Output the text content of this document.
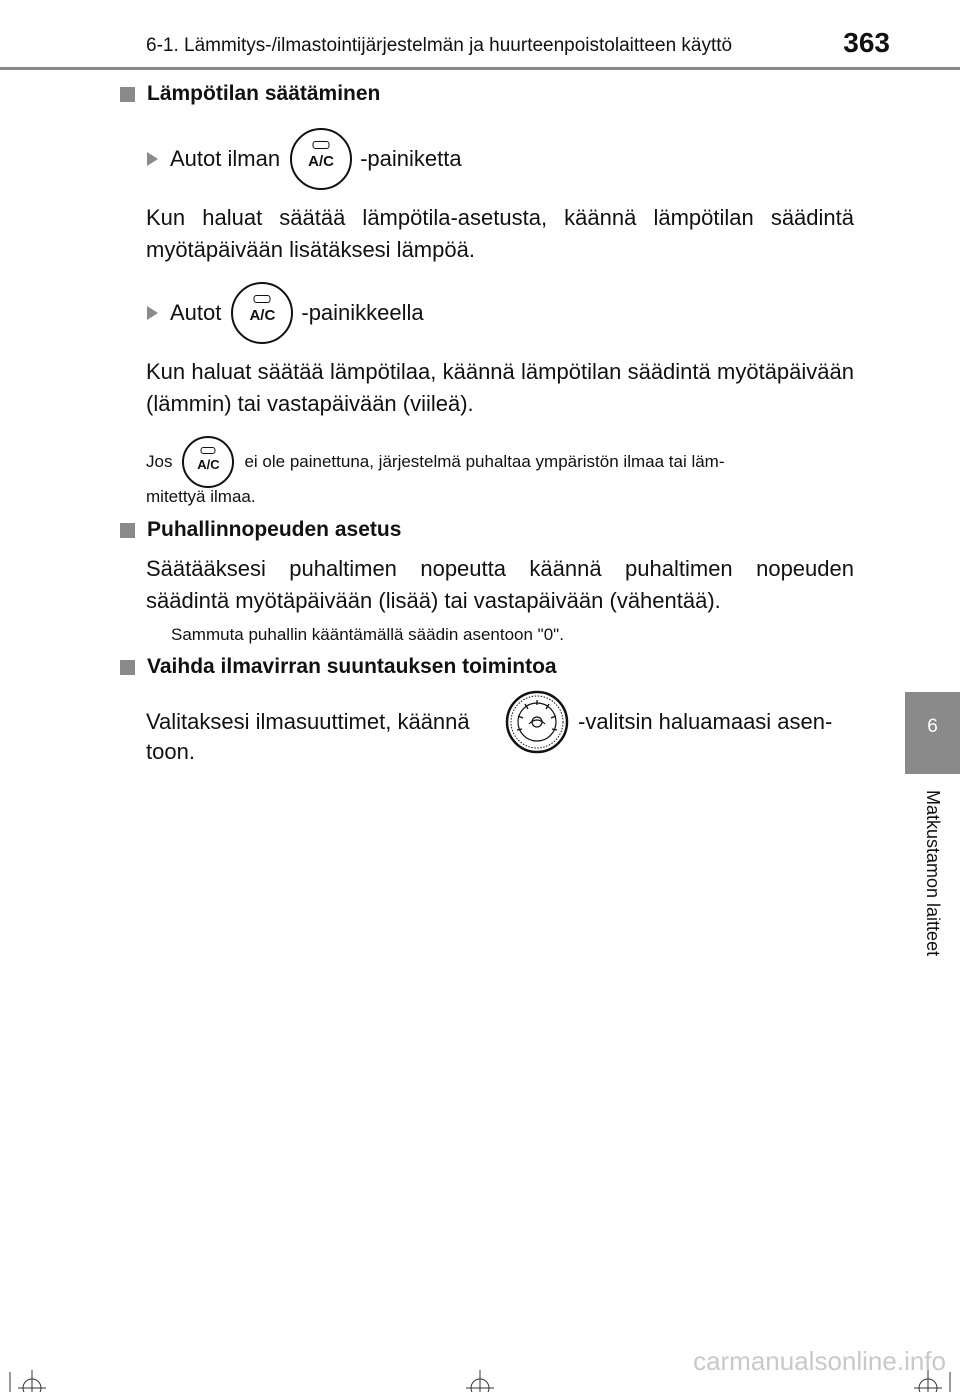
6-1. Lämmitys-/ilmastointijärjestelmän ja huurteenpoistolaitteen käyttö	363
6
Matkustamon laitteet
Lämpötilan säätäminen
Autot ilman	A/C	-painiketta
Kun haluat säätää lämpötila-asetusta, käännä lämpötilan säädintä myötäpäivään lisätäksesi lämpöä.
Autot	A/C	-painikkeella
Kun haluat säätää lämpötilaa, käännä lämpötilan säädintä myötäpäivään (lämmin) tai vastapäivään (viileä).
Jos	A/C	ei ole painettuna, järjestelmä puhaltaa ympäristön ilmaa tai läm-
mitettyä ilmaa.
Puhallinnopeuden asetus
Säätääksesi puhaltimen nopeutta käännä puhaltimen nopeuden säädintä myötäpäivään (lisää) tai vastapäivään (vähentää).
Sammuta puhallin kääntämällä säädin asentoon "0".
Vaihda ilmavirran suuntauksen toimintoa
Valitaksesi ilmasuuttimet, käännä	-valitsin haluamaasi asen-
toon.
carmanualsonline.info
